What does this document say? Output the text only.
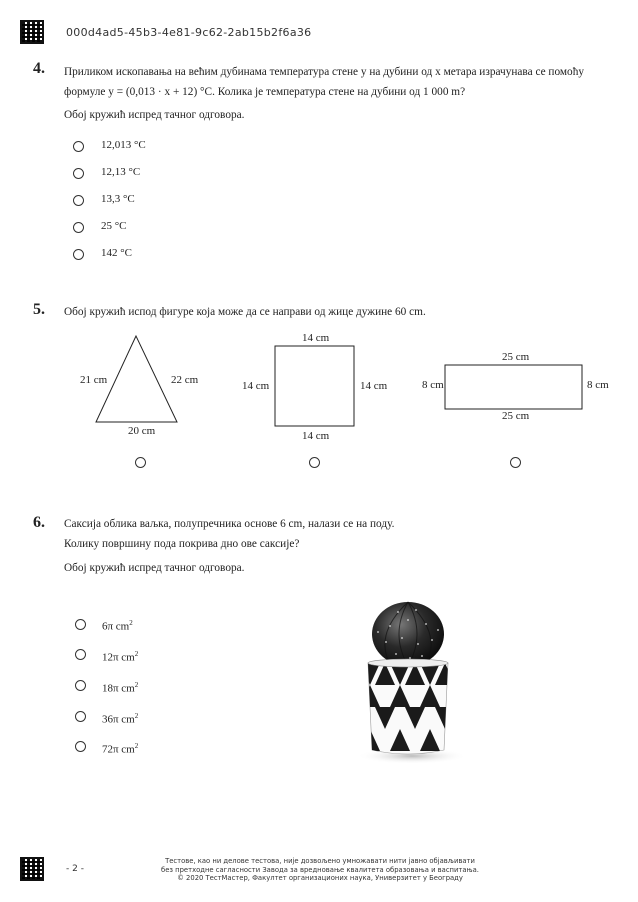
000d4ad5-45b3-4e81-9c62-2ab15b2f6a36
4. Приликом ископавања на већим дубинама температура стене y на дубини од x метара израчунава се помоћу
формуле y = (0,013 · x + 12) °C. Колика је температура стене на дубини од 1 000 m?
Обој кружић испред тачног одговора.
12,013 °C
12,13 °C
13,3 °C
25 °C
142 °C
5. Обој кружић испод фигуре која може да се направи од жице дужине 60 cm.
21 cm	22 cm
20 cm
14 cm
14 cm	14 cm
14 cm
25 cm
8 cm	8 cm
25 cm
6. Саксија облика ваљка, полупречника основе 6 cm, налази се на поду.
Колику површину пода покрива дно ове саксије?
Обој кружић испред тачног одговора.
6π $cm^2$
12π $cm^2$
18π $cm^2$
36π $cm^2$
72π $cm^2$
- 2 -
Тестове, као ни делове тестова, није дозвољено умножавати нити јавно објављивати
без претходне сагласности Завода за вредновање квалитета образовања и васпитања.
© 2020 ТестМастер, Факултет организационих наука, Универзитет у Београду
